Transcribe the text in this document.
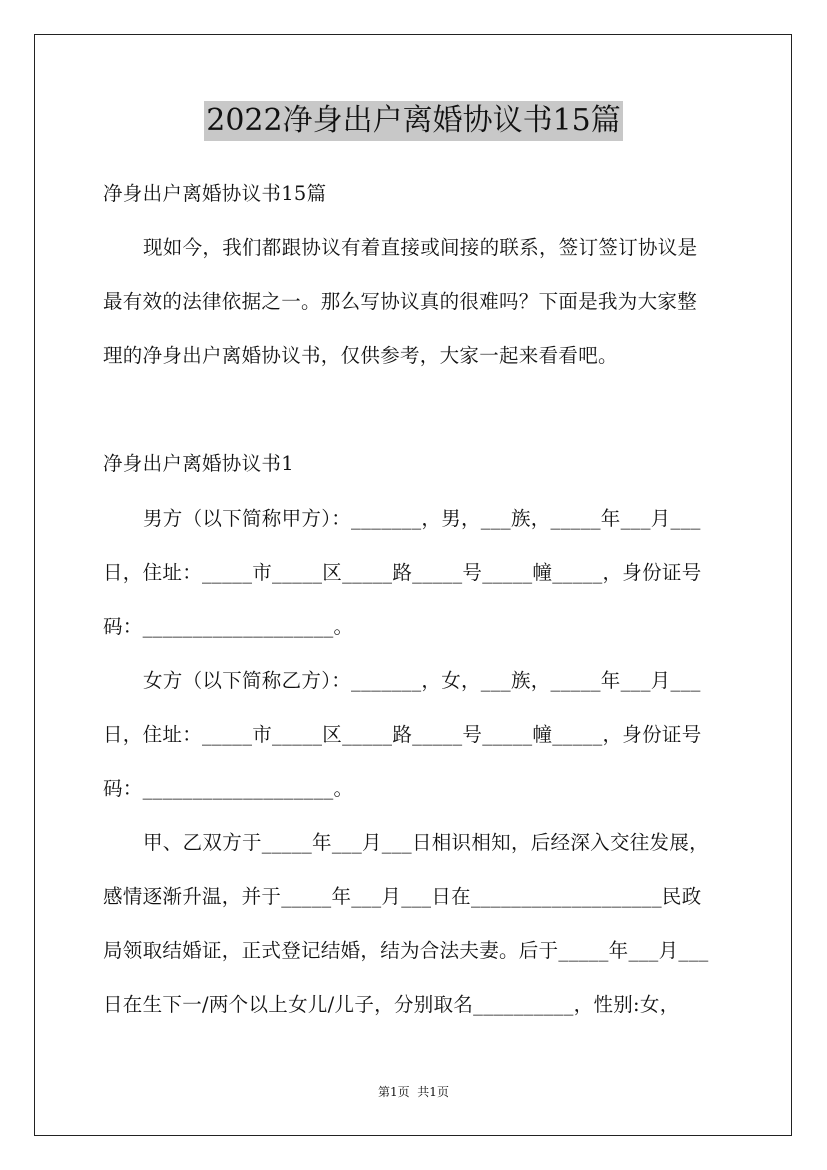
2022净身出户离婚协议书15篇
净身出户离婚协议书15篇
现如今，我们都跟协议有着直接或间接的联系，签订签订协议是
最有效的法律依据之一。那么写协议真的很难吗？下面是我为大家整
理的净身出户离婚协议书，仅供参考，大家一起来看看吧。
净身出户离婚协议书1
男方（以下简称甲方）：_______，男，___族，_____年___月___
日，住址：_____市_____区_____路_____号_____幢_____，身份证号
码：___________________。
女方（以下简称乙方）：_______，女，___族，_____年___月___
日，住址：_____市_____区_____路_____号_____幢_____，身份证号
码：___________________。
甲、乙双方于_____年___月___日相识相知，后经深入交往发展，
感情逐渐升温，并于_____年___月___日在___________________民政
局领取结婚证，正式登记结婚，结为合法夫妻。后于_____年___月___
日在生下一/两个以上女儿/儿子，分别取名__________，性别:女，
第1页  共1页
